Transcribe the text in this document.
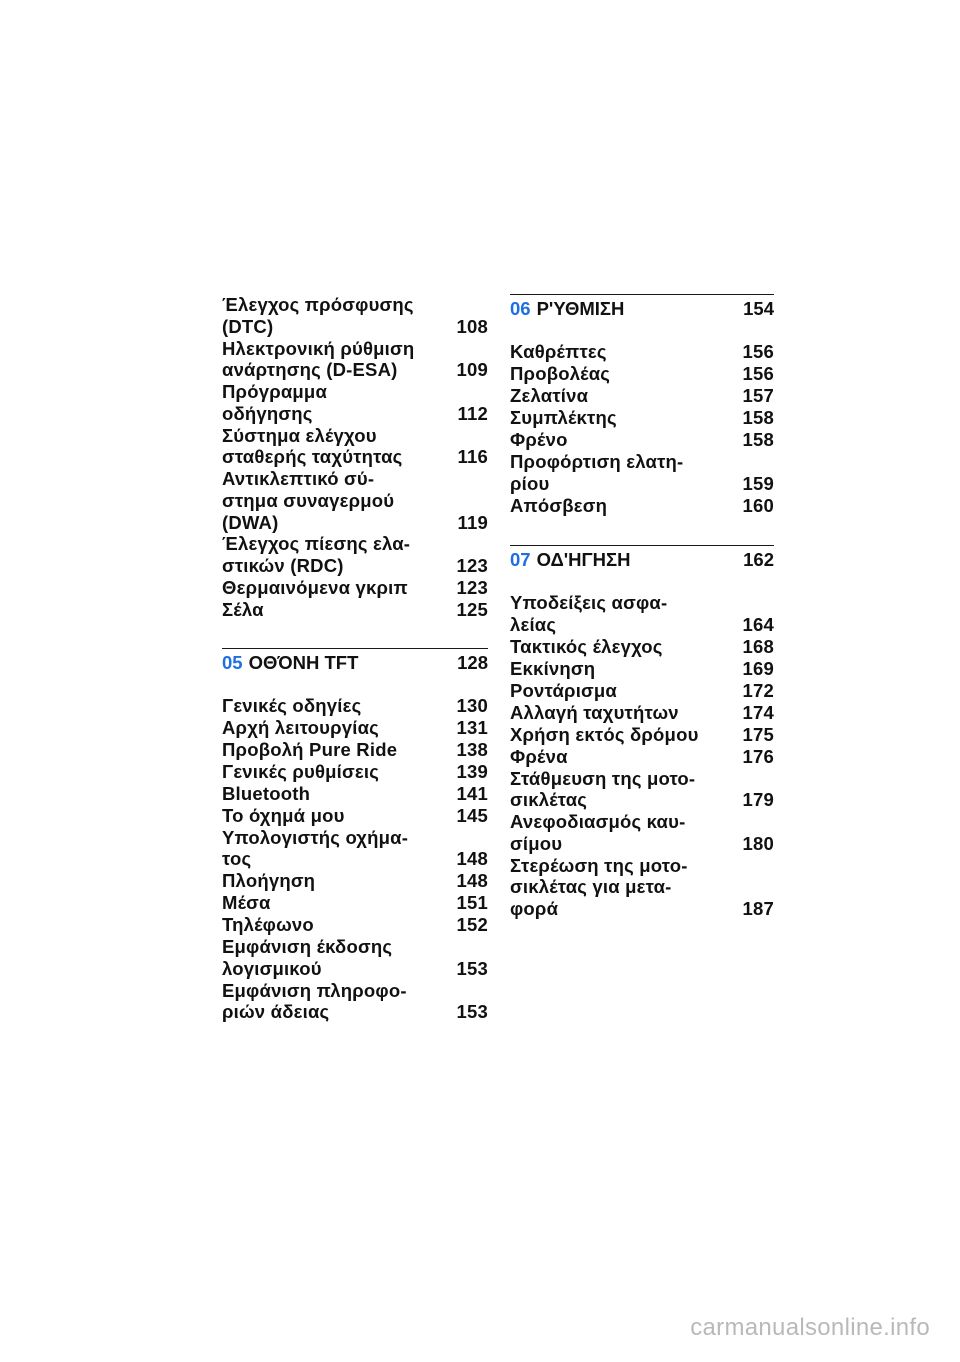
Έλεγχος πρόσφυσης
(DTC)	108
Ηλεκτρονική ρύθμιση
ανάρτησης (D-ESA)	109
Πρόγραμμα
οδήγησης	112
Σύστημα ελέγχου
σταθερής ταχύτητας	116
Αντικλεπτικό σύ-
στημα συναγερμού
(DWA)	119
Έλεγχος πίεσης ελα-
στικών (RDC)	123
Θερμαινόμενα γκριπ	123
Σέλα	125
05 ΟΘΌΝΗ TFT	128
Γενικές οδηγίες	130
Αρχή λειτουργίας	131
Προβολή Pure Ride	138
Γενικές ρυθμίσεις	139
Bluetooth	141
Το όχημά μου	145
Υπολογιστής οχήμα-
τος	148
Πλοήγηση	148
Μέσα	151
Τηλέφωνο	152
Εμφάνιση έκδοσης
λογισμικού	153
Εμφάνιση πληροφο-
ριών άδειας	153
06 Ρ'ΥΘΜΙΣΗ	154
Καθρέπτες	156
Προβολέας	156
Ζελατίνα	157
Συμπλέκτης	158
Φρένο	158
Προφόρτιση ελατη-
ρίου	159
Απόσβεση	160
07 ΟΔ'ΗΓΗΣΗ	162
Υποδείξεις ασφα-
λείας	164
Τακτικός έλεγχος	168
Εκκίνηση	169
Ροντάρισμα	172
Αλλαγή ταχυτήτων	174
Χρήση εκτός δρόμου 175
Φρένα	176
Στάθμευση της μοτο-
σικλέτας	179
Ανεφοδιασμός καυ-
σίμου	180
Στερέωση της μοτο-
σικλέτας για μετα-
φορά	187
carmanualsonline.info
